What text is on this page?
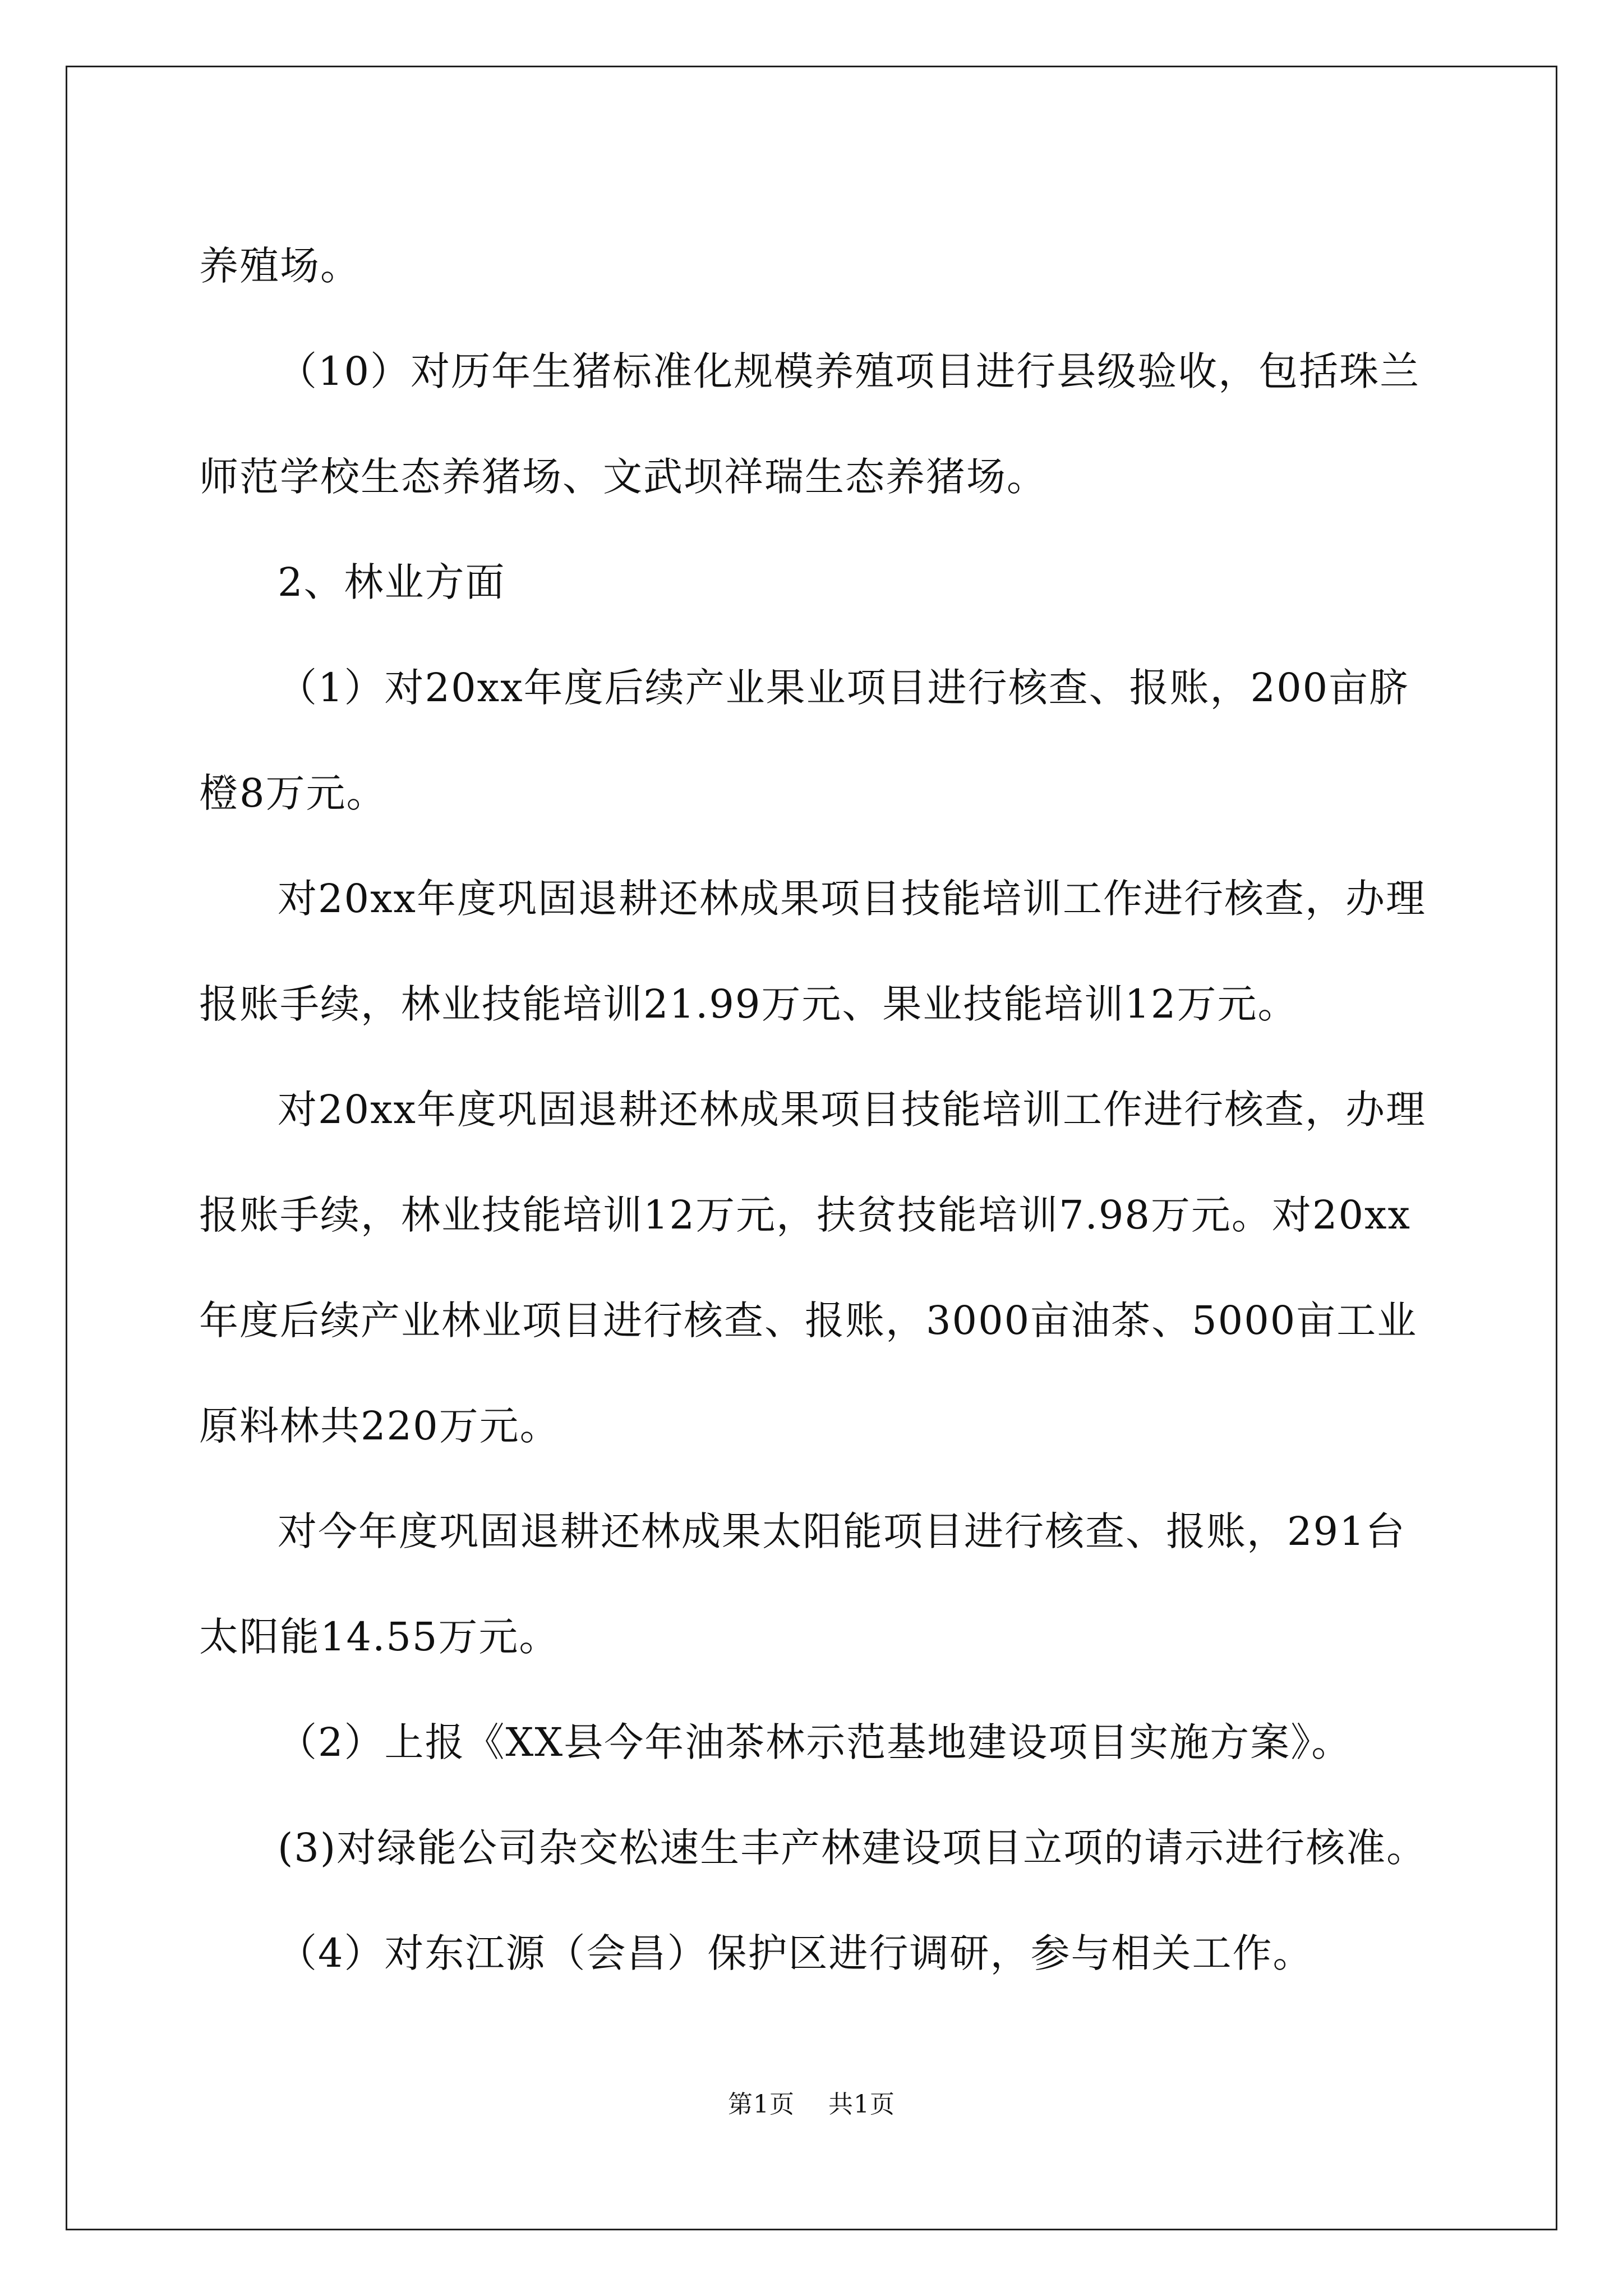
养殖场。

（10）对历年生猪标准化规模养殖项目进行县级验收，包括珠兰师范学校生态养猪场、文武坝祥瑞生态养猪场。

2、林业方面

（1）对20xx年度后续产业果业项目进行核查、报账，200亩脐橙8万元。

对20xx年度巩固退耕还林成果项目技能培训工作进行核查，办理报账手续，林业技能培训21.99万元、果业技能培训12万元。

对20xx年度巩固退耕还林成果项目技能培训工作进行核查，办理报账手续，林业技能培训12万元，扶贫技能培训7.98万元。对20xx年度后续产业林业项目进行核查、报账，3000亩油茶、5000亩工业原料林共220万元。

对今年度巩固退耕还林成果太阳能项目进行核查、报账，291台太阳能14.55万元。

（2）上报《XX县今年油茶林示范基地建设项目实施方案》。

(3)对绿能公司杂交松速生丰产林建设项目立项的请示进行核准。

（4）对东江源（会昌）保护区进行调研，参与相关工作。

第1页 共1页
